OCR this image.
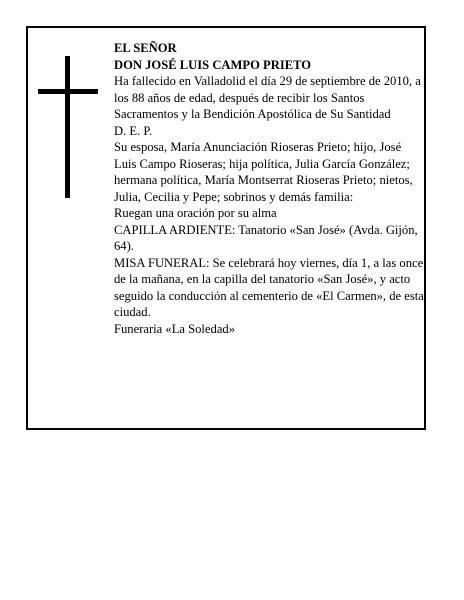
EL SEÑOR
DON JOSÉ LUIS CAMPO PRIETO
Ha fallecido en Valladolid el día 29 de septiembre de 2010, a los 88 años de edad, después de recibir los Santos Sacramentos y la Bendición Apostólica de Su Santidad
D. E. P.
Su esposa, María Anunciación Rioseras Prieto; hijo, José Luis Campo Rioseras; hija política, Julia García González; hermana política, María Montserrat Rioseras Prieto; nietos, Julia, Cecilia y Pepe; sobrinos y demás familia:
Ruegan una oración por su alma
CAPILLA ARDIENTE: Tanatorio «San José» (Avda. Gijón, 64).
MISA FUNERAL: Se celebrará hoy viernes, día 1, a las once de la mañana, en la capilla del tanatorio «San José», y acto seguido la conducción al cementerio de «El Carmen», de esta ciudad.
Funeraria «La Soledad»
